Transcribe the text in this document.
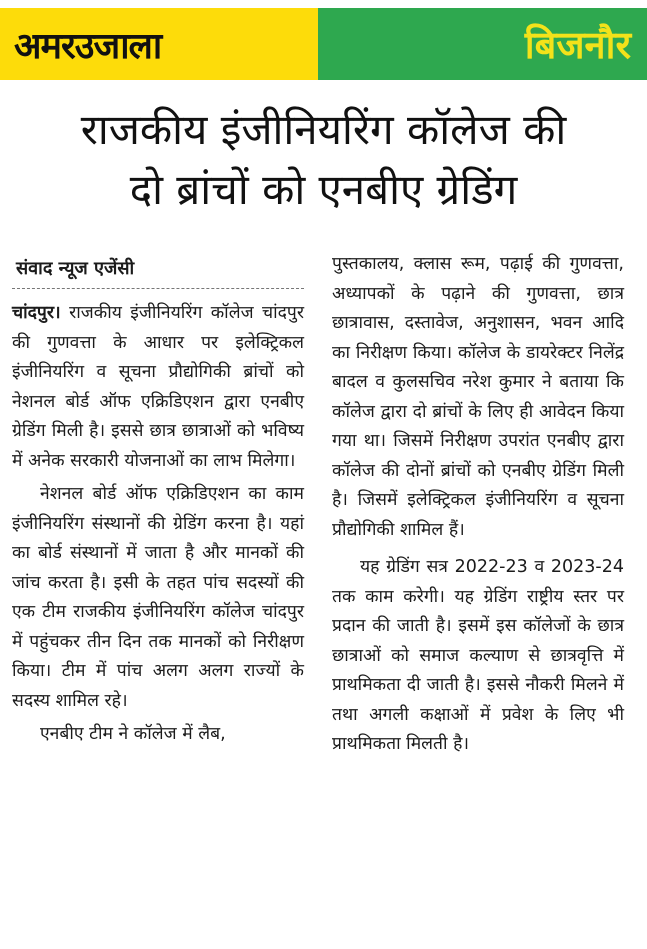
अमरउजाला	बिजनौर
राजकीय इंजीनियरिंग कॉलेज की
दो ब्रांचों को एनबीए ग्रेडिंग
संवाद न्यूज एजेंसी

चांदपुर। राजकीय इंजीनियरिंग कॉलेज चांदपुर की गुणवत्ता के आधार पर इलेक्ट्रिकल इंजीनियरिंग व सूचना प्रौद्योगिकी ब्रांचों को नेशनल बोर्ड ऑफ एक्रिडिएशन द्वारा एनबीए ग्रेडिंग मिली है। इससे छात्र छात्राओं को भविष्य में अनेक सरकारी योजनाओं का लाभ मिलेगा।

नेशनल बोर्ड ऑफ एक्रिडिएशन का काम इंजीनियरिंग संस्थानों की ग्रेडिंग करना है। यहां का बोर्ड संस्थानों में जाता है और मानकों की जांच करता है। इसी के तहत पांच सदस्यों की एक टीम राजकीय इंजीनियरिंग कॉलेज चांदपुर में पहुंचकर तीन दिन तक मानकों को निरीक्षण किया। टीम में पांच अलग अलग राज्यों के सदस्य शामिल रहे।

एनबीए टीम ने कॉलेज में लैब,

पुस्तकालय, क्लास रूम, पढ़ाई की गुणवत्ता, अध्यापकों के पढ़ाने की गुणवत्ता, छात्र छात्रावास, दस्तावेज, अनुशासन, भवन आदि का निरीक्षण किया। कॉलेज के डायरेक्टर निलेंद्र बादल व कुलसचिव नरेश कुमार ने बताया कि कॉलेज द्वारा दो ब्रांचों के लिए ही आवेदन किया गया था। जिसमें निरीक्षण उपरांत एनबीए द्वारा कॉलेज की दोनों ब्रांचों को एनबीए ग्रेडिंग मिली है। जिसमें इलेक्ट्रिकल इंजीनियरिंग व सूचना प्रौद्योगिकी शामिल हैं।

यह ग्रेडिंग सत्र 2022-23 व 2023-24 तक काम करेगी। यह ग्रेडिंग राष्ट्रीय स्तर पर प्रदान की जाती है। इसमें इस कॉलेजों के छात्र छात्राओं को समाज कल्याण से छात्रवृत्ति में प्राथमिकता दी जाती है। इससे नौकरी मिलने में तथा अगली कक्षाओं में प्रवेश के लिए भी प्राथमिकता मिलती है।
